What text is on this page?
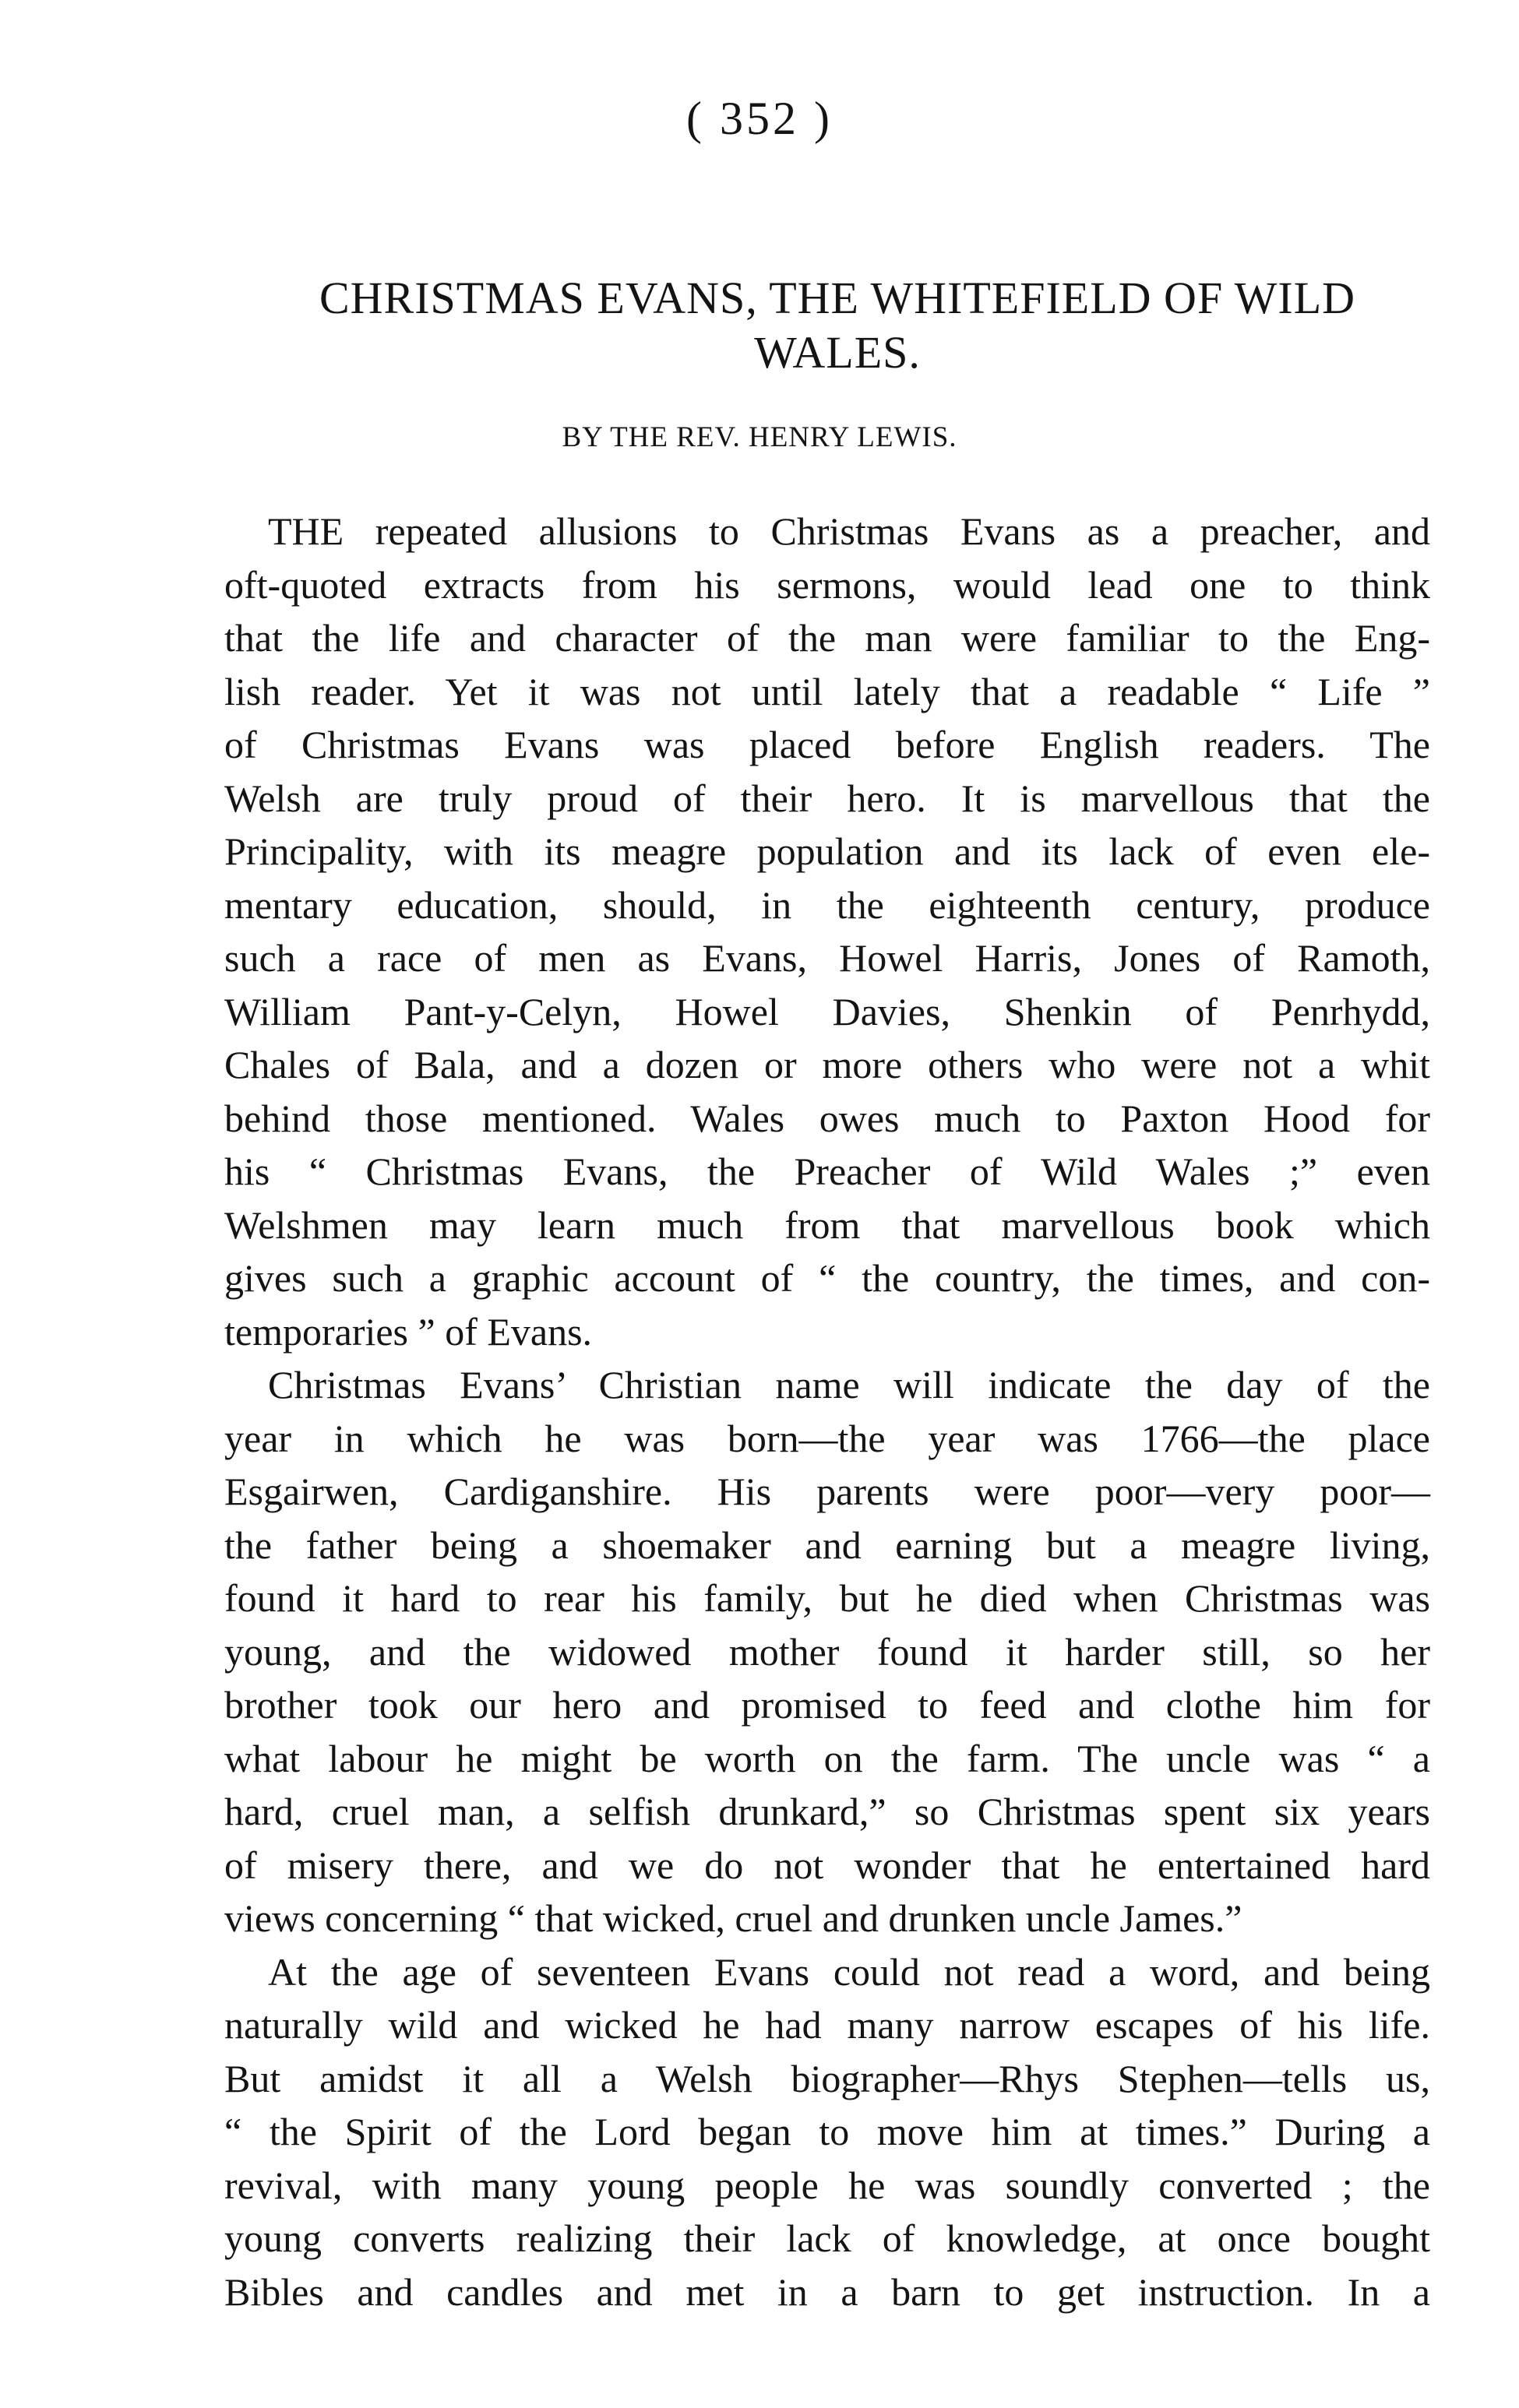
( 352 )
CHRISTMAS EVANS, THE WHITEFIELD OF WILD
WALES.
BY THE REV. HENRY LEWIS.
THE repeated allusions to Christmas Evans as a preacher, and
oft-quoted extracts from his sermons, would lead one to think
that the life and character of the man were familiar to the Eng-
lish reader. Yet it was not until lately that a readable “ Life ”
of Christmas Evans was placed before English readers. The
Welsh are truly proud of their hero. It is marvellous that the
Principality, with its meagre population and its lack of even ele-
mentary education, should, in the eighteenth century, produce
such a race of men as Evans, Howel Harris, Jones of Ramoth,
William Pant-y-Celyn, Howel Davies, Shenkin of Penrhydd,
Chales of Bala, and a dozen or more others who were not a whit
behind those mentioned. Wales owes much to Paxton Hood for
his “ Christmas Evans, the Preacher of Wild Wales ;” even
Welshmen may learn much from that marvellous book which
gives such a graphic account of “ the country, the times, and con-
temporaries ” of Evans.
Christmas Evans’ Christian name will indicate the day of the
year in which he was born—the year was 1766—the place
Esgairwen, Cardiganshire. His parents were poor—very poor—
the father being a shoemaker and earning but a meagre living,
found it hard to rear his family, but he died when Christmas was
young, and the widowed mother found it harder still, so her
brother took our hero and promised to feed and clothe him for
what labour he might be worth on the farm. The uncle was “ a
hard, cruel man, a selfish drunkard,” so Christmas spent six years
of misery there, and we do not wonder that he entertained hard
views concerning “ that wicked, cruel and drunken uncle James.”
At the age of seventeen Evans could not read a word, and being
naturally wild and wicked he had many narrow escapes of his life.
But amidst it all a Welsh biographer—Rhys Stephen—tells us,
“ the Spirit of the Lord began to move him at times.” During a
revival, with many young people he was soundly converted ; the
young converts realizing their lack of knowledge, at once bought
Bibles and candles and met in a barn to get instruction. In a
